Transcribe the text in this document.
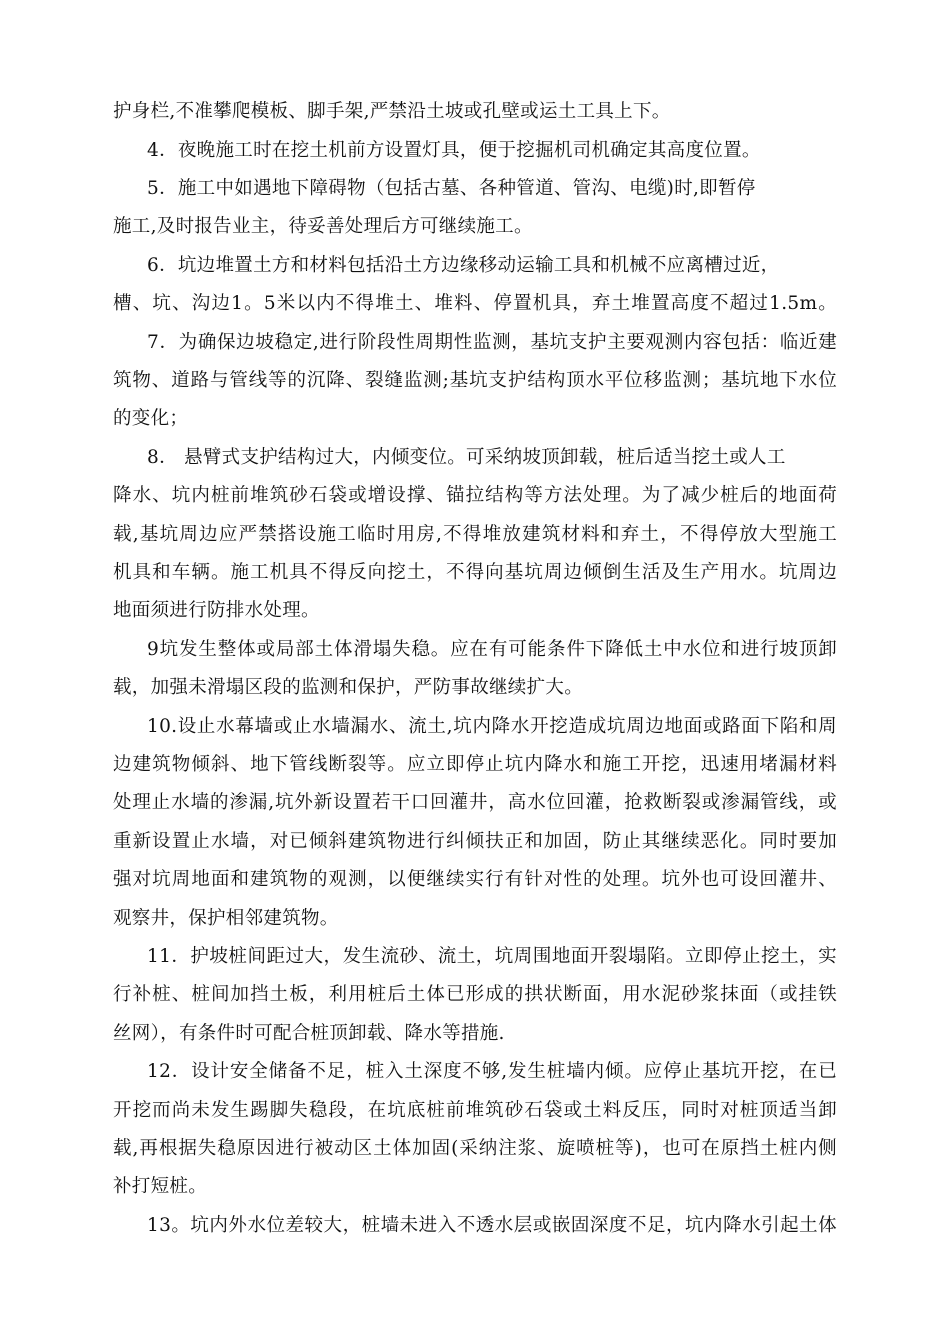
护身栏,不准攀爬模板、脚手架,严禁沿土坡或孔壁或运土工具上下。
4．夜晚施工时在挖土机前方设置灯具，便于挖掘机司机确定其高度位置。
5．施工中如遇地下障碍物（包括古墓、各种管道、管沟、电缆)时,即暂停
施工,及时报告业主，待妥善处理后方可继续施工。
6．坑边堆置土方和材料包括沿土方边缘移动运输工具和机械不应离槽过近，
槽、坑、沟边1。5米以内不得堆土、堆料、停置机具，弃土堆置高度不超过1.5m。
7．为确保边坡稳定,进行阶段性周期性监测，基坑支护主要观测内容包括：临近建
筑物、道路与管线等的沉降、裂缝监测;基坑支护结构顶水平位移监测；基坑地下水位
的变化；
8． 悬臂式支护结构过大，内倾变位。可采纳坡顶卸载，桩后适当挖土或人工
降水、坑内桩前堆筑砂石袋或增设撑、锚拉结构等方法处理。为了减少桩后的地面荷
载,基坑周边应严禁搭设施工临时用房,不得堆放建筑材料和弃土，不得停放大型施工
机具和车辆。施工机具不得反向挖土，不得向基坑周边倾倒生活及生产用水。坑周边
地面须进行防排水处理。
9坑发生整体或局部土体滑塌失稳。应在有可能条件下降低土中水位和进行坡顶卸
载，加强未滑塌区段的监测和保护，严防事故继续扩大。
10.设止水幕墙或止水墙漏水、流土,坑内降水开挖造成坑周边地面或路面下陷和周
边建筑物倾斜、地下管线断裂等。应立即停止坑内降水和施工开挖，迅速用堵漏材料
处理止水墙的渗漏,坑外新设置若干口回灌井，高水位回灌，抢救断裂或渗漏管线，或
重新设置止水墙，对已倾斜建筑物进行纠倾扶正和加固，防止其继续恶化。同时要加
强对坑周地面和建筑物的观测，以便继续实行有针对性的处理。坑外也可设回灌井、
观察井，保护相邻建筑物。
11．护坡桩间距过大，发生流砂、流土，坑周围地面开裂塌陷。立即停止挖土，实
行补桩、桩间加挡土板，利用桩后土体已形成的拱状断面，用水泥砂浆抹面（或挂铁
丝网），有条件时可配合桩顶卸载、降水等措施.
12．设计安全储备不足，桩入土深度不够,发生桩墙内倾。应停止基坑开挖，在已
开挖而尚未发生踢脚失稳段，在坑底桩前堆筑砂石袋或土料反压，同时对桩顶适当卸
载,再根据失稳原因进行被动区土体加固(采纳注浆、旋喷桩等)，也可在原挡土桩内侧
补打短桩。
13。坑内外水位差较大，桩墙未进入不透水层或嵌固深度不足，坑内降水引起土体
